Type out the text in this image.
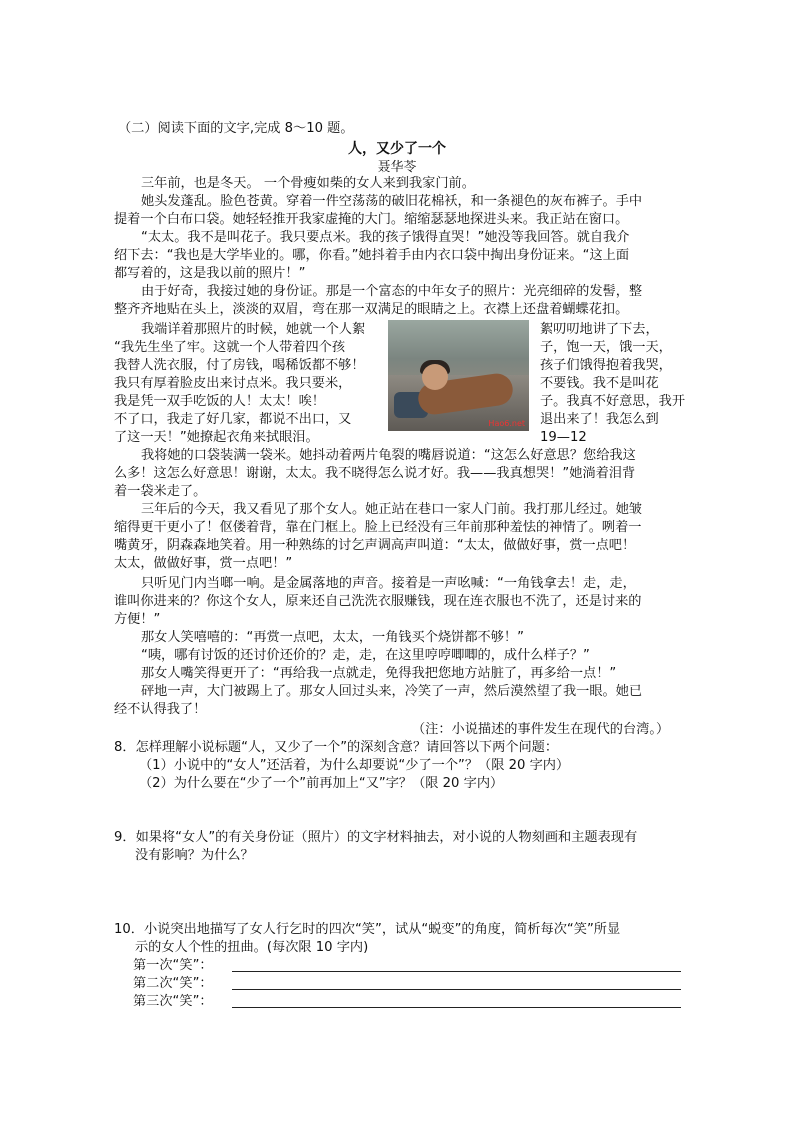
（二）阅读下面的文字,完成 8～10 题。
人，又少了一个
聂华苓
三年前，也是冬天。 一个骨瘦如柴的女人来到我家门前。
她头发蓬乱。脸色苍黄。穿着一件空荡荡的破旧花棉袄，和一条褪色的灰布裤子。手中
提着一个白布口袋。她轻轻推开我家虚掩的大门。缩缩瑟瑟地探进头来。我正站在窗口。
“太太。我不是叫花子。我只要点米。我的孩子饿得直哭！”她没等我回答。就自我介
绍下去：“我也是大学毕业的。哪，你看。”她抖着手由内衣口袋中掏出身份证来。“这上面
都写着的，这是我以前的照片！”
由于好奇，我接过她的身份证。那是一个富态的中年女子的照片：光亮细碎的发髻，整
整齐齐地贴在头上，淡淡的双眉，弯在那一双满足的眼睛之上。衣襟上还盘着蝴蝶花扣。
我端详着那照片的时候，她就一个人絮
“我先生坐了牢。这就一个人带着四个孩
我替人洗衣服，付了房钱，喝稀饭都不够！
我只有厚着脸皮出来讨点米。我只要米，
我是凭一双手吃饭的人！太太！唉！
不了口，我走了好几家，都说不出口，又
了这一天！”她撩起衣角来拭眼泪。
Hao6.net
絮叨叨地讲了下去，
子，饱一天，饿一天，
孩子们饿得抱着我哭，
不要钱。我不是叫花
子。我真不好意思，我开
退出来了！我怎么到
19—12
我将她的口袋装满一袋米。她抖动着两片龟裂的嘴唇说道：“这怎么好意思？您给我这
么多！这怎么好意思！谢谢，太太。我不晓得怎么说才好。我——我真想哭！”她淌着泪背
着一袋米走了。
三年后的今天，我又看见了那个女人。她正站在巷口一家人门前。我打那儿经过。她皱
缩得更干更小了！伛偻着背，靠在门框上。脸上已经没有三年前那种羞怯的神情了。咧着一
嘴黄牙，阴森森地笑着。用一种熟练的讨乞声调高声叫道：“太太，做做好事，赏一点吧！
太太，做做好事，赏一点吧！”
只听见门内当啷一响。是金属落地的声音。接着是一声吆喊：“一角钱拿去！走，走，
谁叫你进来的？你这个女人，原来还自己洗洗衣服赚钱，现在连衣服也不洗了，还是讨来的
方便！”
那女人笑嘻嘻的：“再赏一点吧，太太，一角钱买个烧饼都不够！”
“咦，哪有讨饭的还讨价还价的？走，走，在这里哼哼唧唧的，成什么样子？”
那女人嘴笑得更开了：“再给我一点就走，免得我把您地方站脏了，再多给一点！”
砰地一声，大门被踢上了。那女人回过头来，冷笑了一声，然后漠然望了我一眼。她已
经不认得我了！
（注：小说描述的事件发生在现代的台湾。）
8．怎样理解小说标题“人，又少了一个”的深刻含意？请回答以下两个问题：
（1）小说中的“女人”还活着，为什么却要说“少了一个”？（限 20 字内）
（2）为什么要在“少了一个”前再加上“又”字？（限 20 字内）
9．如果将“女人”的有关身份证（照片）的文字材料抽去，对小说的人物刻画和主题表现有
没有影响？为什么？
10．小说突出地描写了女人行乞时的四次“笑”，试从“蜕变”的角度，简析每次“笑”所显
示的女人个性的扭曲。(每次限 10 字内)
第一次“笑”：
第二次“笑”：
第三次“笑”：
